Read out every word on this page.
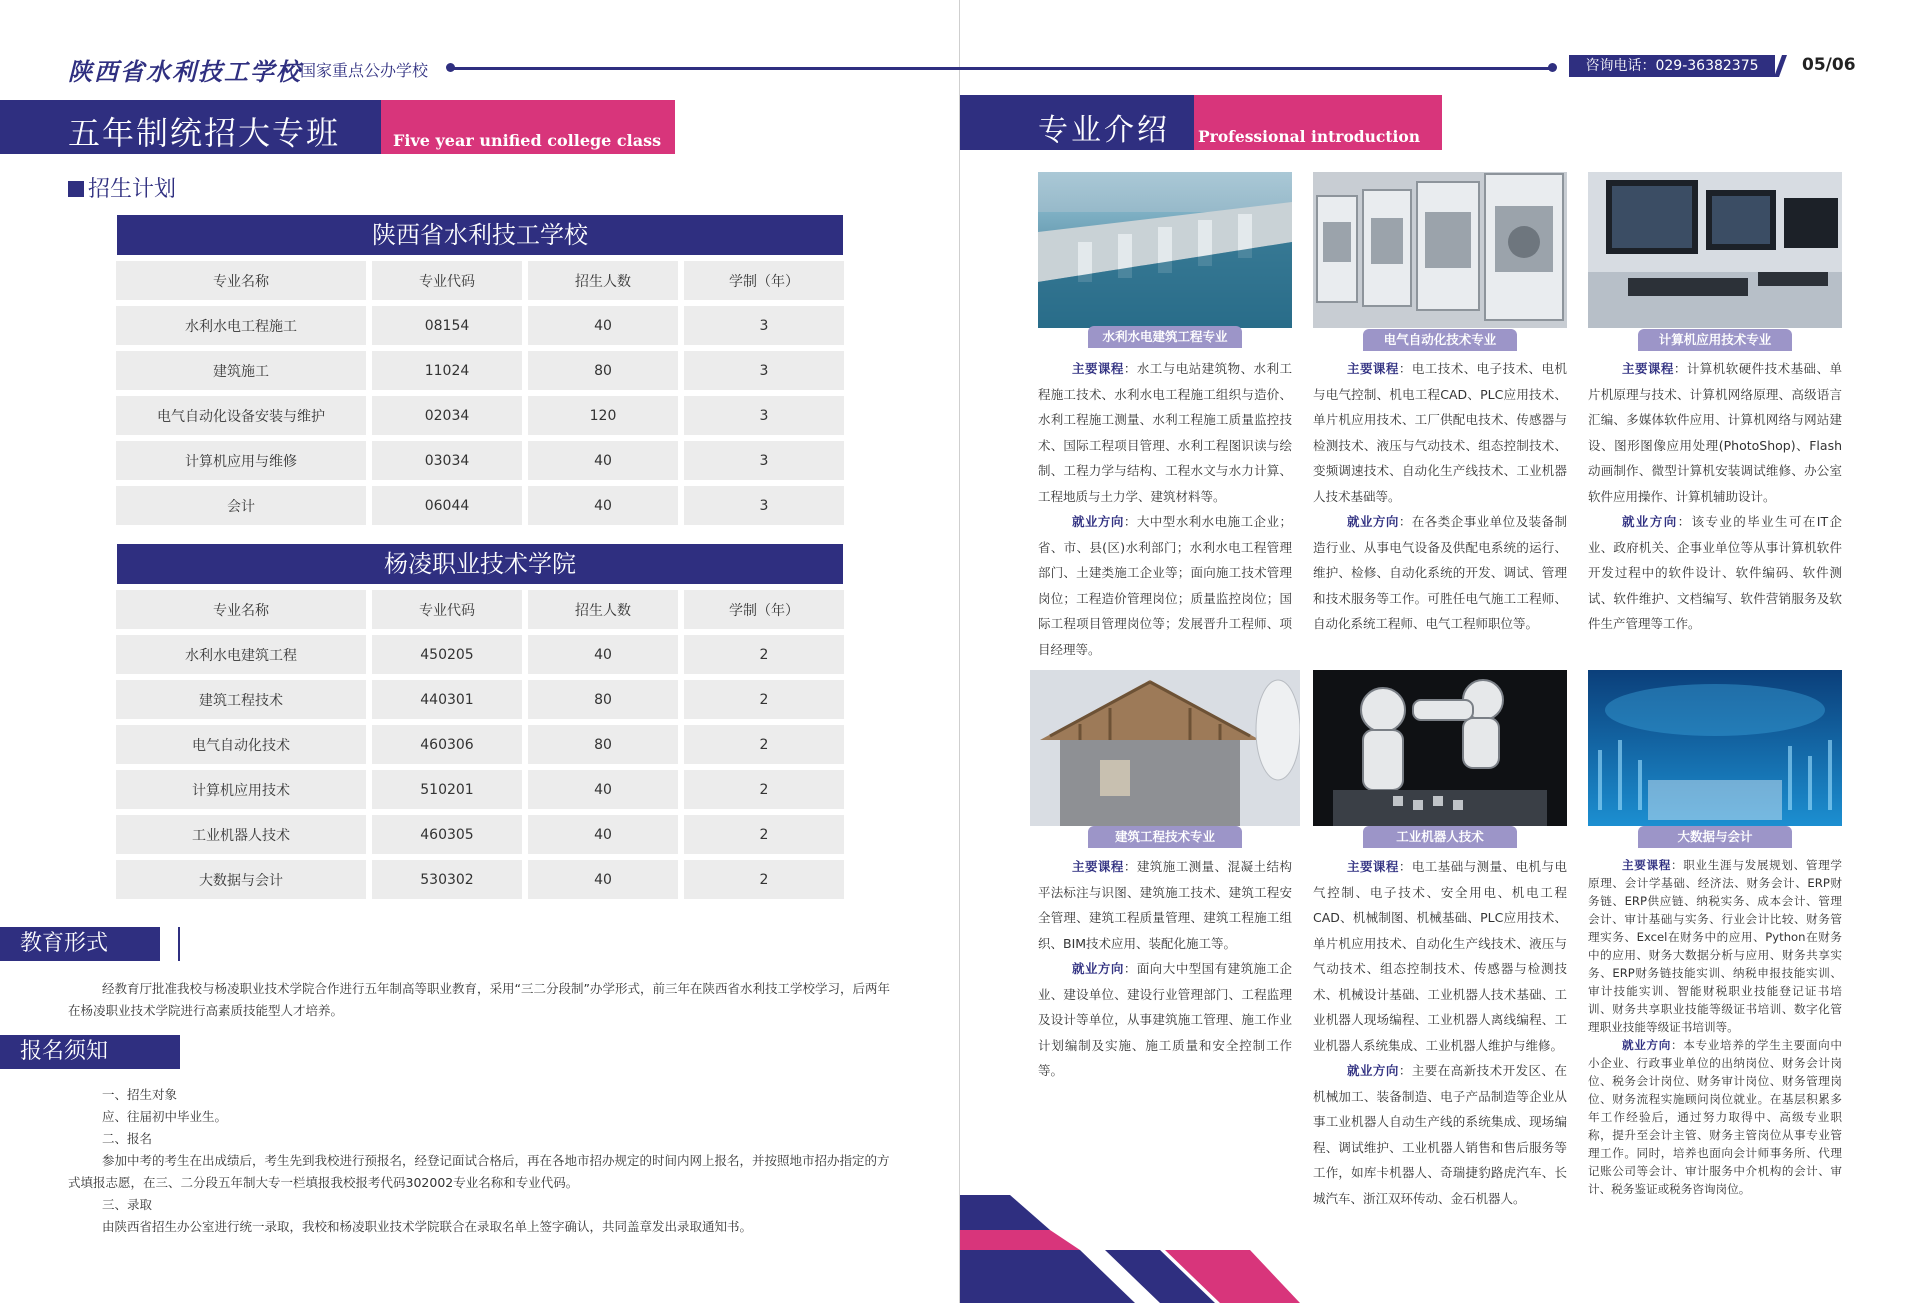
陕西省水利技工学校
国家重点公办学校	咨询电话：029-36382375	05/06
五年制统招大专班	Five year unified college class
招生计划
陕西省水利技工学校
专业名称	专业代码	招生人数	学制（年）
水利水电工程施工	08154	40	3
建筑施工	11024	80	3
电气自动化设备安装与维护	02034	120	3
计算机应用与维修	03034	40	3
会计	06044	40	3
杨凌职业技术学院
专业名称	专业代码	招生人数	学制（年）
水利水电建筑工程	450205	40	2
建筑工程技术	440301	80	2
电气自动化技术	460306	80	2
计算机应用技术	510201	40	2
工业机器人技术	460305	40	2
大数据与会计	530302	40	2
教育形式
经教育厅批准我校与杨凌职业技术学院合作进行五年制高等职业教育，采用“三二分段制”办学形式，前三年在陕西省水利技工学校学习，后两年在杨凌职业技术学院进行高素质技能型人才培养。
报名须知
一、招生对象
应、往届初中毕业生。
二、报名
参加中考的考生在出成绩后，考生先到我校进行预报名，经登记面试合格后，再在各地市招办规定的时间内网上报名，并按照地市招办指定的方式填报志愿，在三、二分段五年制大专一栏填报我校报考代码302002专业名称和专业代码。
三、录取
由陕西省招生办公室进行统一录取，我校和杨凌职业技术学院联合在录取名单上签字确认，共同盖章发出录取通知书。
专业介绍 Professional introduction
水利水电建筑工程专业	电气自动化技术专业	计算机应用技术专业

主要课程：水工与电站建筑物、水利工程施工技术、水利水电工程施工组织与造价、水利工程施工测量、水利工程施工质量监控技术、国际工程项目管理、水利工程图识读与绘制、工程力学与结构、工程水文与水力计算、工程地质与土力学、建筑材料等。

就业方向：大中型水利水电施工企业；省、市、县(区)水利部门；水利水电工程管理部门、土建类施工企业等；面向施工技术管理岗位；工程造价管理岗位；质量监控岗位；国际工程项目管理岗位等；发展晋升工程师、项目经理等。

主要课程：电工技术、电子技术、电机与电气控制、机电工程CAD、PLC应用技术、单片机应用技术、工厂供配电技术、传感器与检测技术、液压与气动技术、组态控制技术、变频调速技术、自动化生产线技术、工业机器人技术基础等。

就业方向：在各类企事业单位及装备制造行业、从事电气设备及供配电系统的运行、维护、检修、自动化系统的开发、调试、管理和技术服务等工作。可胜任电气施工工程师、自动化系统工程师、电气工程师职位等。

主要课程：计算机软硬件技术基础、单片机原理与技术、计算机网络原理、高级语言汇编、多媒体软件应用、计算机网络与网站建设、图形图像应用处理(PhotoShop)、Flash动画制作、微型计算机安装调试维修、办公室软件应用操作、计算机辅助设计。

就业方向：该专业的毕业生可在IT企业、政府机关、企事业单位等从事计算机软件开发过程中的软件设计、软件编码、软件测试、软件维护、文档编写、软件营销服务及软件生产管理等工作。

建筑工程技术专业	工业机器人技术	大数据与会计

主要课程：建筑施工测量、混凝土结构平法标注与识图、建筑施工技术、建筑工程安全管理、建筑工程质量管理、建筑工程施工组织、BIM技术应用、装配化施工等。

就业方向：面向大中型国有建筑施工企业、建设单位、建设行业管理部门、工程监理及设计等单位，从事建筑施工管理、施工作业计划编制及实施、施工质量和安全控制工作等。

主要课程：电工基础与测量、电机与电气控制、电子技术、安全用电、机电工程CAD、机械制图、机械基础、PLC应用技术、单片机应用技术、自动化生产线技术、液压与气动技术、组态控制技术、传感器与检测技术、机械设计基础、工业机器人技术基础、工业机器人现场编程、工业机器人离线编程、工业机器人系统集成、工业机器人维护与维修。

就业方向：主要在高新技术开发区、在机械加工、装备制造、电子产品制造等企业从事工业机器人自动生产线的系统集成、现场编程、调试维护、工业机器人销售和售后服务等工作，如库卡机器人、奇瑞捷豹路虎汽车、长城汽车、浙江双环传动、金石机器人。

主要课程：职业生涯与发展规划、管理学原理、会计学基础、经济法、财务会计、ERP财务链、ERP供应链、纳税实务、成本会计、管理会计、审计基础与实务、行业会计比较、财务管理实务、Excel在财务中的应用、Python在财务中的应用、财务大数据分析与应用、财务共享实务、ERP财务链技能实训、纳税申报技能实训、审计技能实训、智能财税职业技能登记证书培训、财务共享职业技能等级证书培训、数字化管理职业技能等级证书培训等。

就业方向：本专业培养的学生主要面向中小企业、行政事业单位的出纳岗位、财务会计岗位、税务会计岗位、财务审计岗位、财务管理岗位、财务流程实施顾问岗位就业。在基层积累多年工作经验后，通过努力取得中、高级专业职称，提升至会计主管、财务主管岗位从事专业管理工作。同时，培养也面向会计师事务所、代理记账公司等会计、审计服务中介机构的会计、审计、税务鉴证或税务咨询岗位。
